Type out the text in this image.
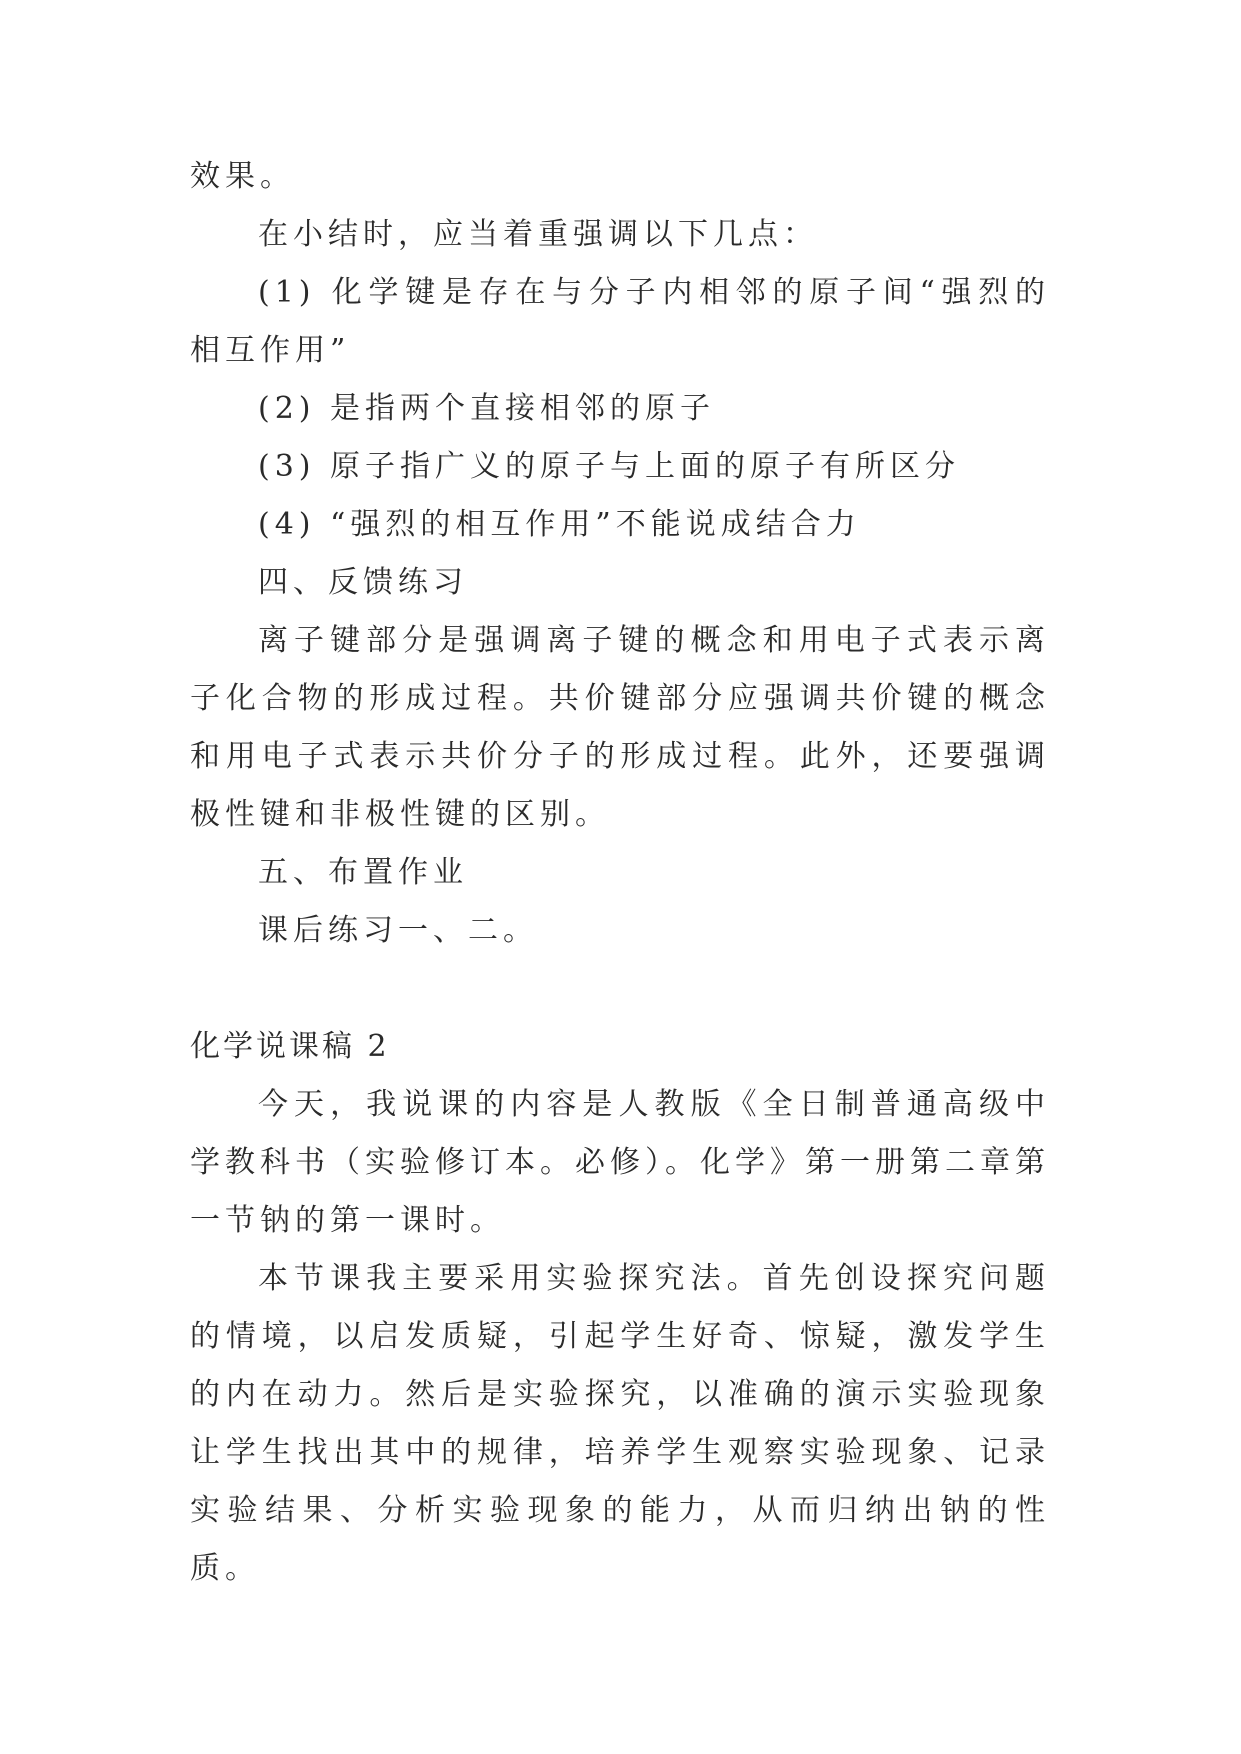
效果。

在小结时，应当着重强调以下几点：

(1) 化学键是存在与分子内相邻的原子间“强烈的相互作用”

(2) 是指两个直接相邻的原子

(3) 原子指广义的原子与上面的原子有所区分

(4) “强烈的相互作用”不能说成结合力

四、反馈练习

离子键部分是强调离子键的概念和用电子式表示离子化合物的形成过程。共价键部分应强调共价键的概念和用电子式表示共价分子的形成过程。此外，还要强调极性键和非极性键的区别。

五、布置作业

课后练习一、二。

化学说课稿 2

今天，我说课的内容是人教版《全日制普通高级中学教科书（实验修订本。必修）。化学》第一册第二章第一节钠的第一课时。

本节课我主要采用实验探究法。首先创设探究问题的情境，以启发质疑，引起学生好奇、惊疑，激发学生的内在动力。然后是实验探究，以准确的演示实验现象让学生找出其中的规律，培养学生观察实验现象、记录实验结果、分析实验现象的能力，从而归纳出钠的性质。
